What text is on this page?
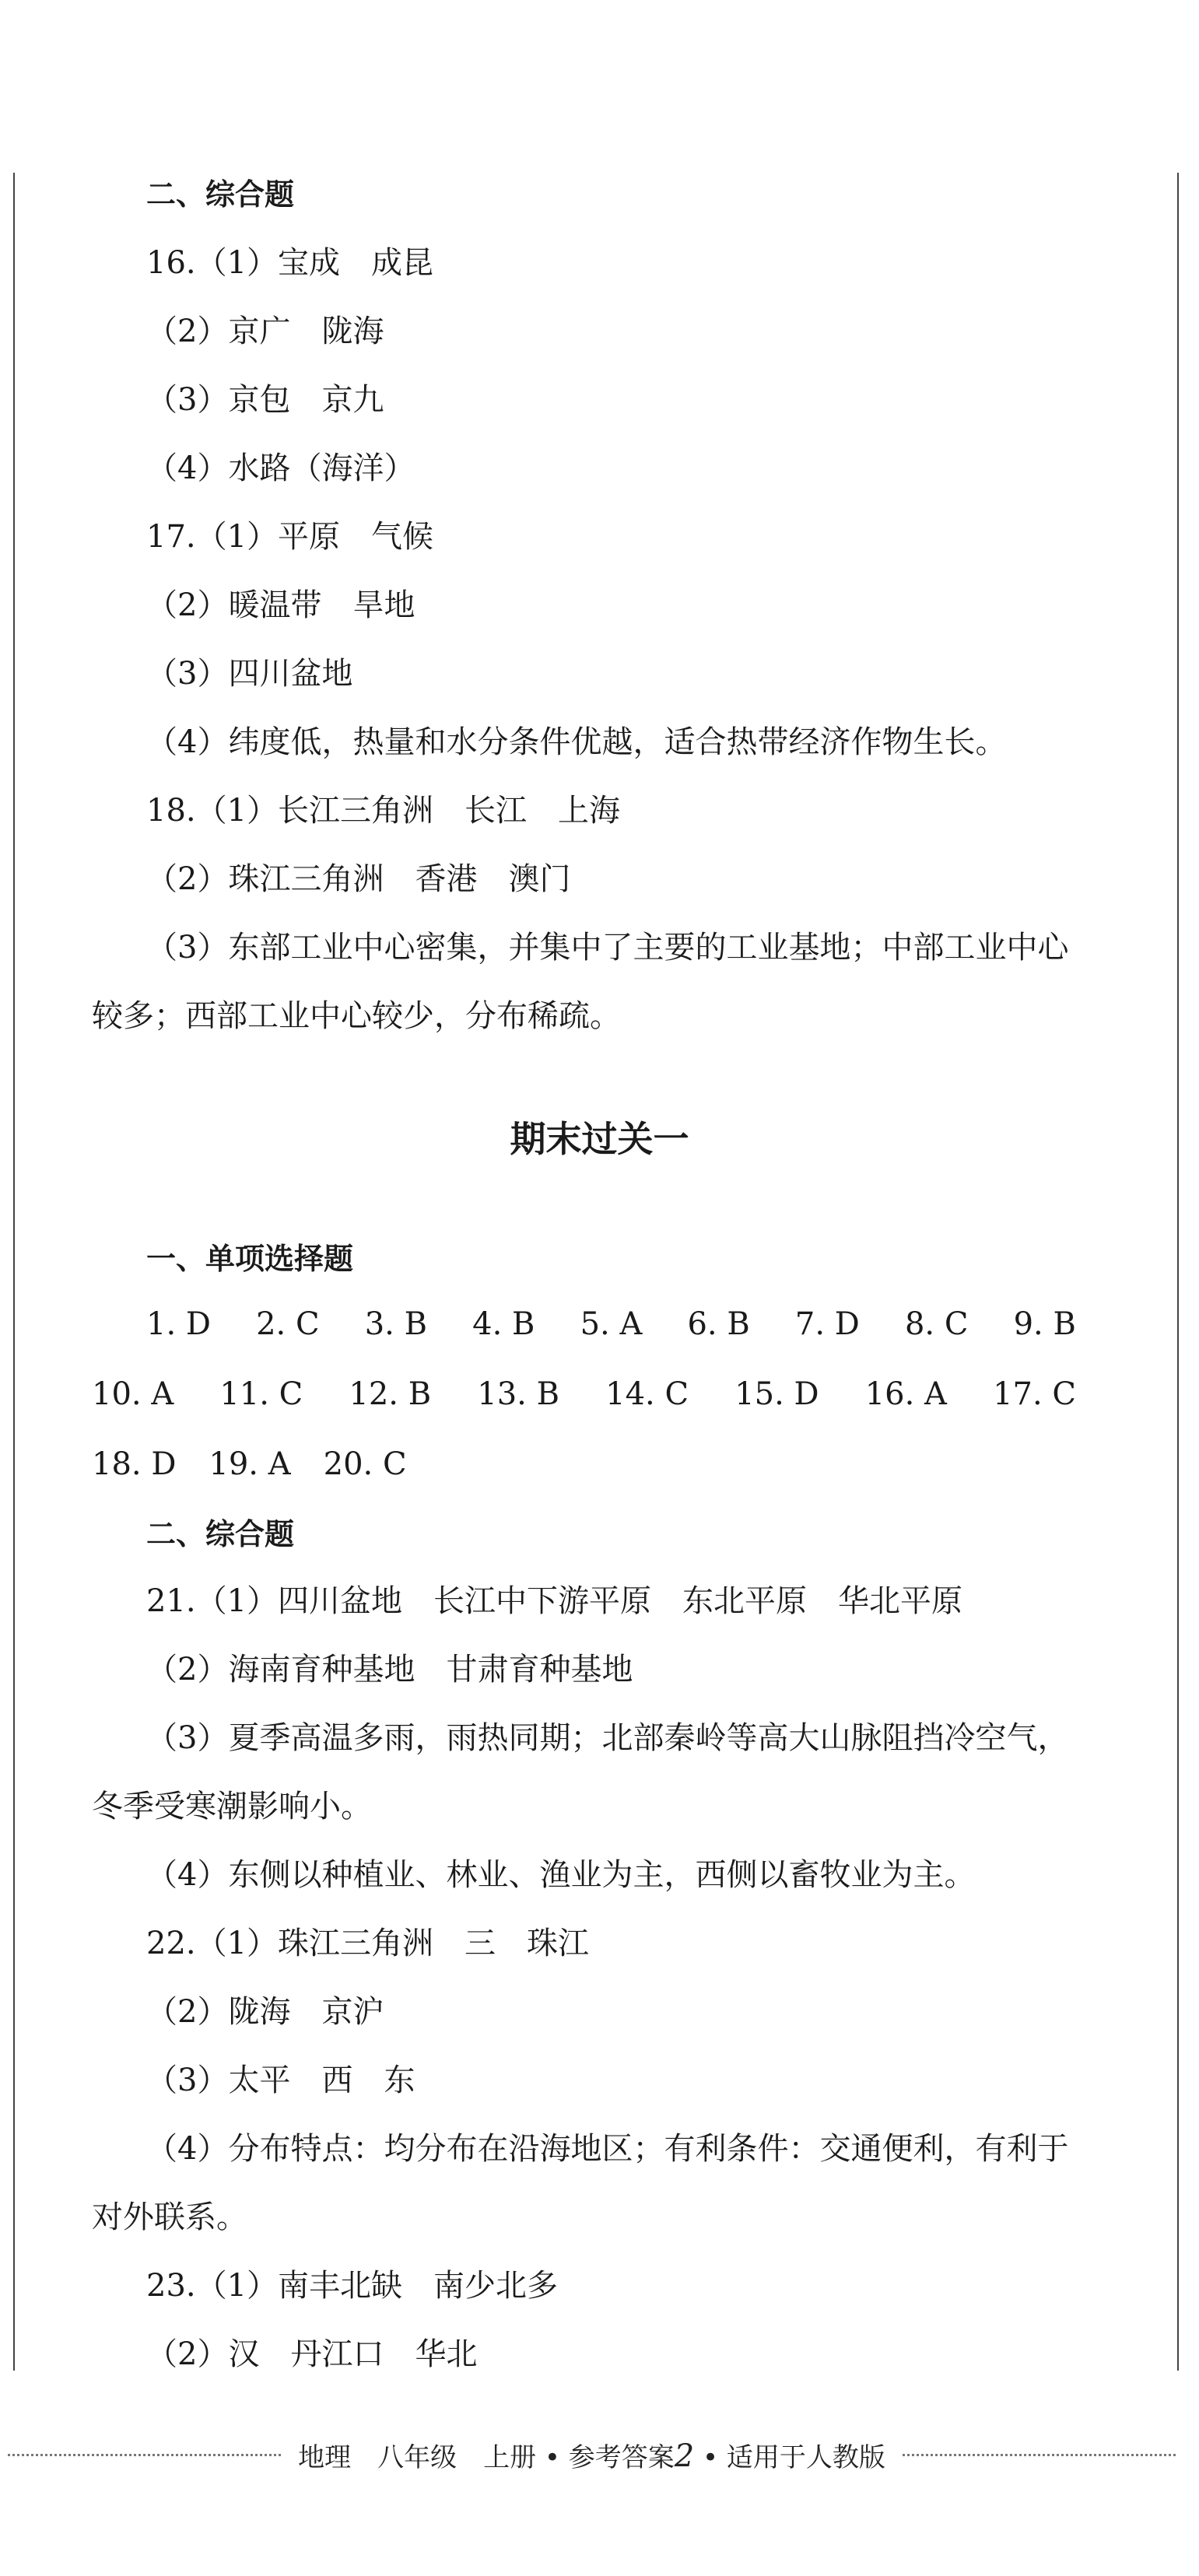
二、综合题
16.（1）宝成　成昆
（2）京广　陇海
（3）京包　京九
（4）水路（海洋）
17.（1）平原　气候
（2）暖温带　旱地
（3）四川盆地
（4）纬度低，热量和水分条件优越，适合热带经济作物生长。
18.（1）长江三角洲　长江　上海
（2）珠江三角洲　香港　澳门
（3）东部工业中心密集，并集中了主要的工业基地；中部工业中心
较多；西部工业中心较少，分布稀疏。
期末过关一
一、单项选择题
1. D 2. C 3. B 4. B 5. A 6. B 7. D 8. C 9. B
10. A 11. C 12. B 13. B 14. C 15. D 16. A 17. C
18. D 19. A 20. C
二、综合题
21.（1）四川盆地　长江中下游平原　东北平原　华北平原
（2）海南育种基地　甘肃育种基地
（3）夏季高温多雨，雨热同期；北部秦岭等高大山脉阻挡冷空气，
冬季受寒潮影响小。
（4）东侧以种植业、林业、渔业为主，西侧以畜牧业为主。
22.（1）珠江三角洲　三　珠江
（2）陇海　京沪
（3）太平　西　东
（4）分布特点：均分布在沿海地区；有利条件：交通便利，有利于
对外联系。
23.（1）南丰北缺　南少北多
（2）汉　丹江口　华北
地理　八年级　上册 • 参考答案2 • 适用于人教版
